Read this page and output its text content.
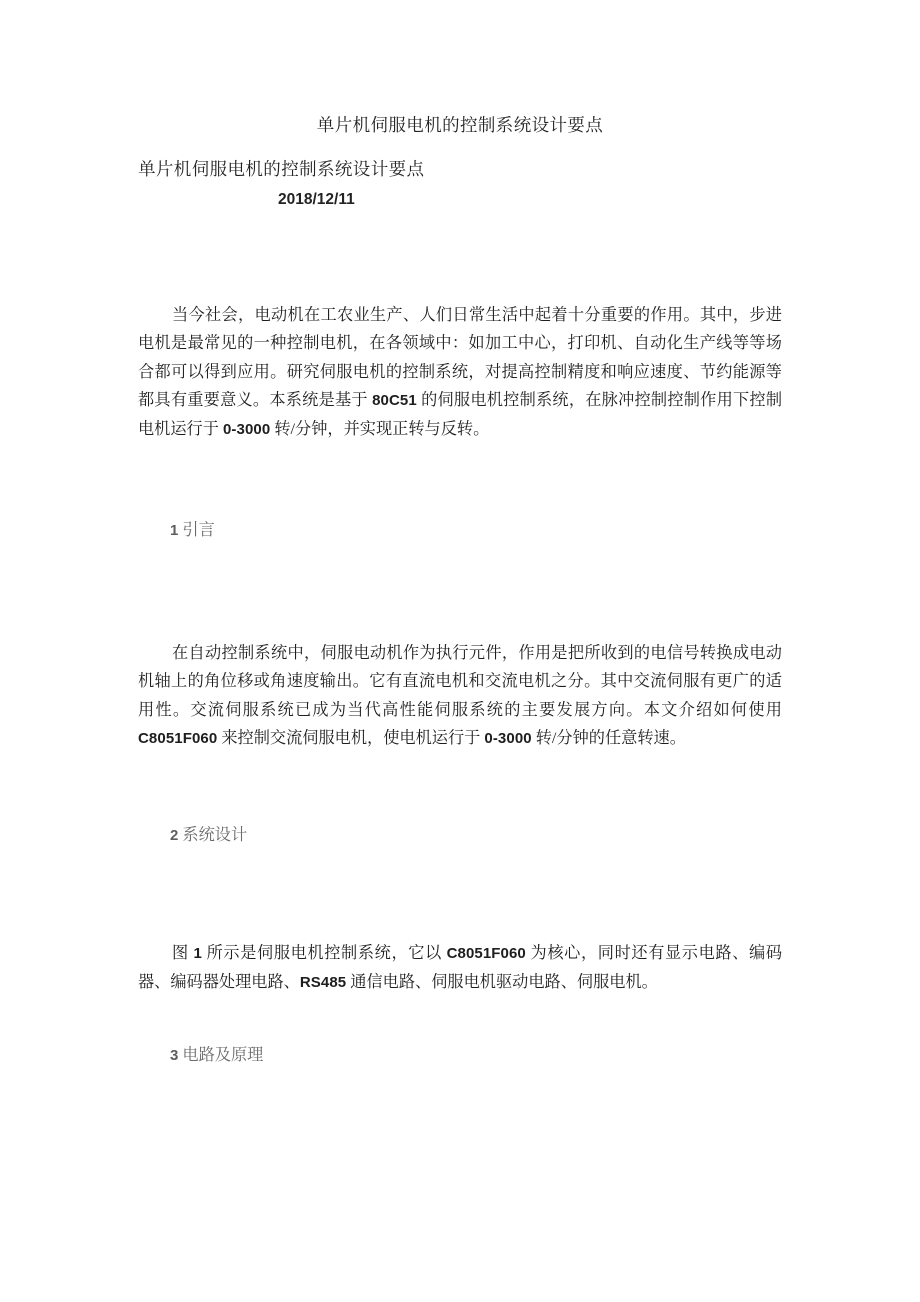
单片机伺服电机的控制系统设计要点
单片机伺服电机的控制系统设计要点
2018/12/11

当今社会，电动机在工农业生产、人们日常生活中起着十分重要的作用。其中，步进电机是最常见的一种控制电机，在各领域中：如加工中心，打印机、自动化生产线等等场合都可以得到应用。研究伺服电机的控制系统，对提高控制精度和响应速度、节约能源等都具有重要意义。本系统是基于 80C51 的伺服电机控制系统，在脉冲控制控制作用下控制电机运行于 0-3000 转/分钟，并实现正转与反转。

1 引言

在自动控制系统中，伺服电动机作为执行元件，作用是把所收到的电信号转换成电动机轴上的角位移或角速度输出。它有直流电机和交流电机之分。其中交流伺服有更广的适用性。交流伺服系统已成为当代高性能伺服系统的主要发展方向。本文介绍如何使用C8051F060 来控制交流伺服电机，使电机运行于 0-3000 转/分钟的任意转速。

2 系统设计

图 1 所示是伺服电机控制系统，它以 C8051F060 为核心，同时还有显示电路、编码器、编码器处理电路、RS485 通信电路、伺服电机驱动电路、伺服电机。

3 电路及原理
